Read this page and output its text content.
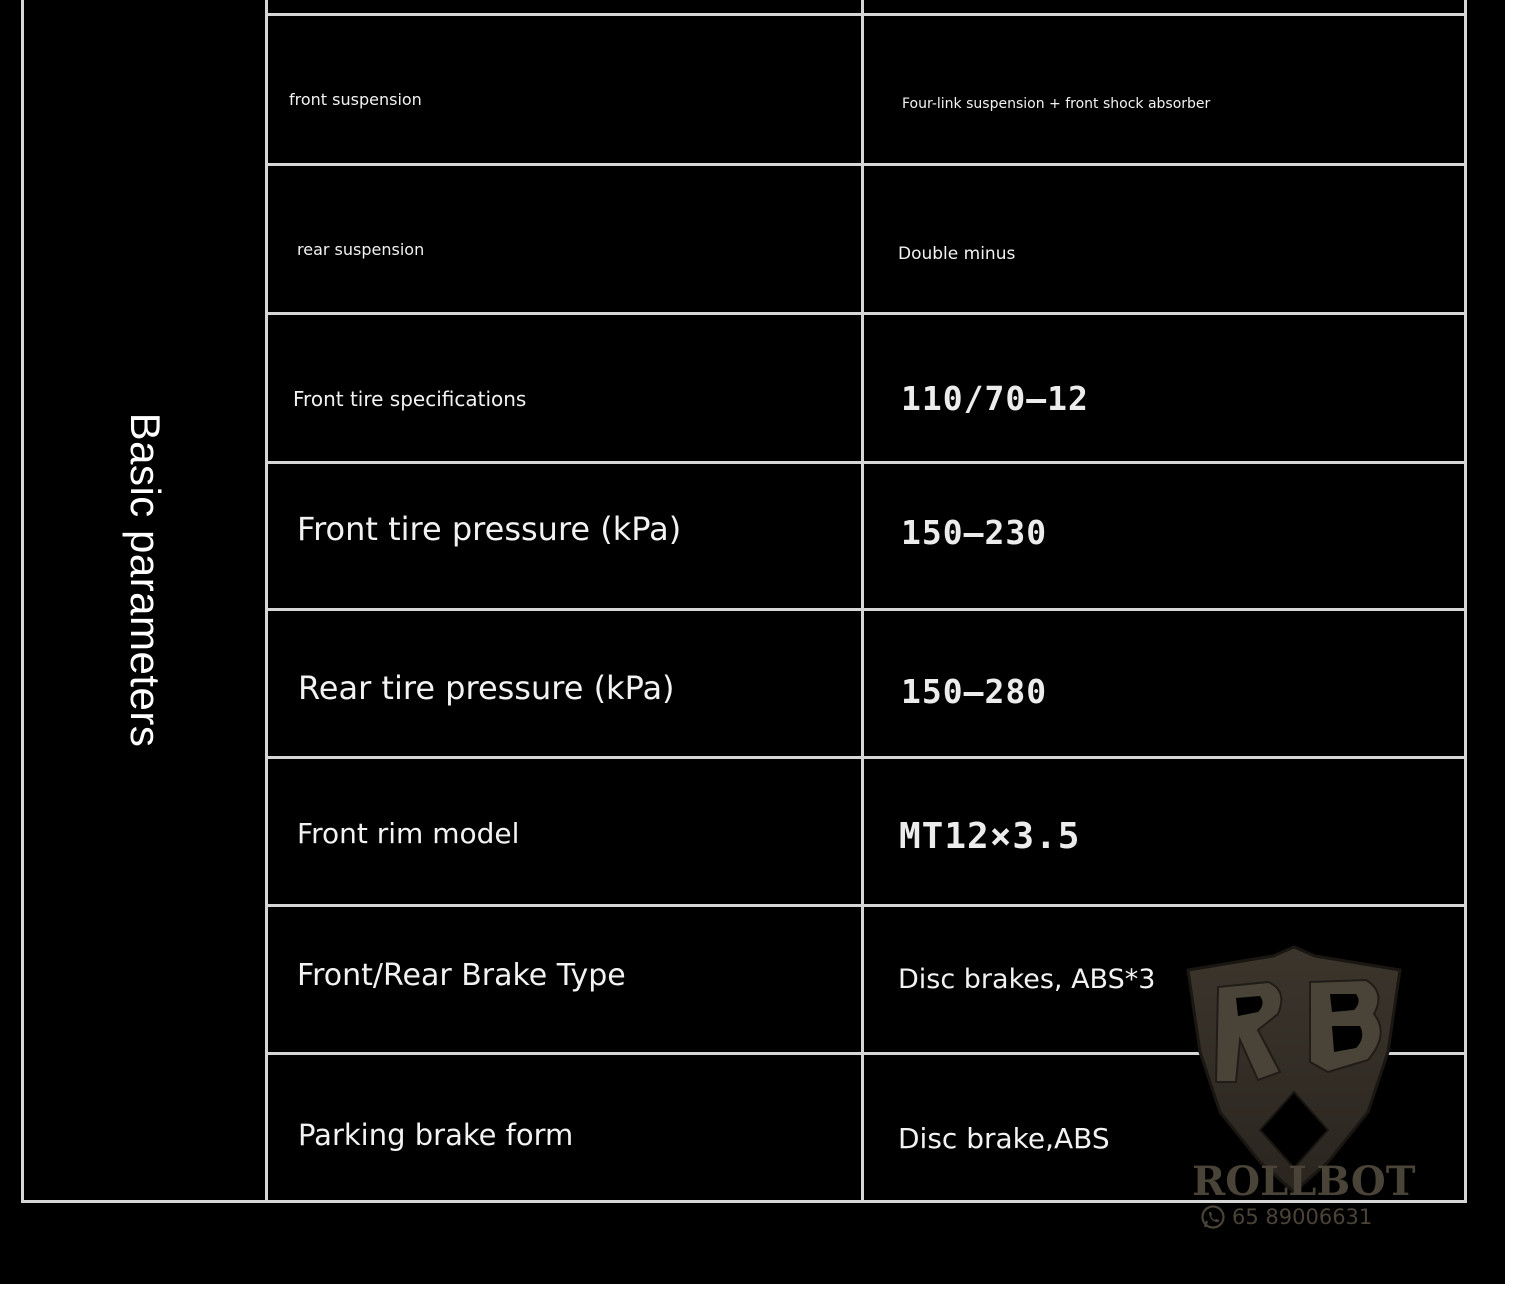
Basic parameters
front suspension	Four-link suspension + front shock absorber
rear suspension	Double minus
Front tire specifications	110/70—12
Front tire pressure (kPa)	150—230
Rear tire pressure (kPa)	150—280
Front rim model	MT12×3.5
Front/Rear Brake Type	Disc brakes, ABS*3
Parking brake form	Disc brake,ABS
ROLLBOT
65 89006631
